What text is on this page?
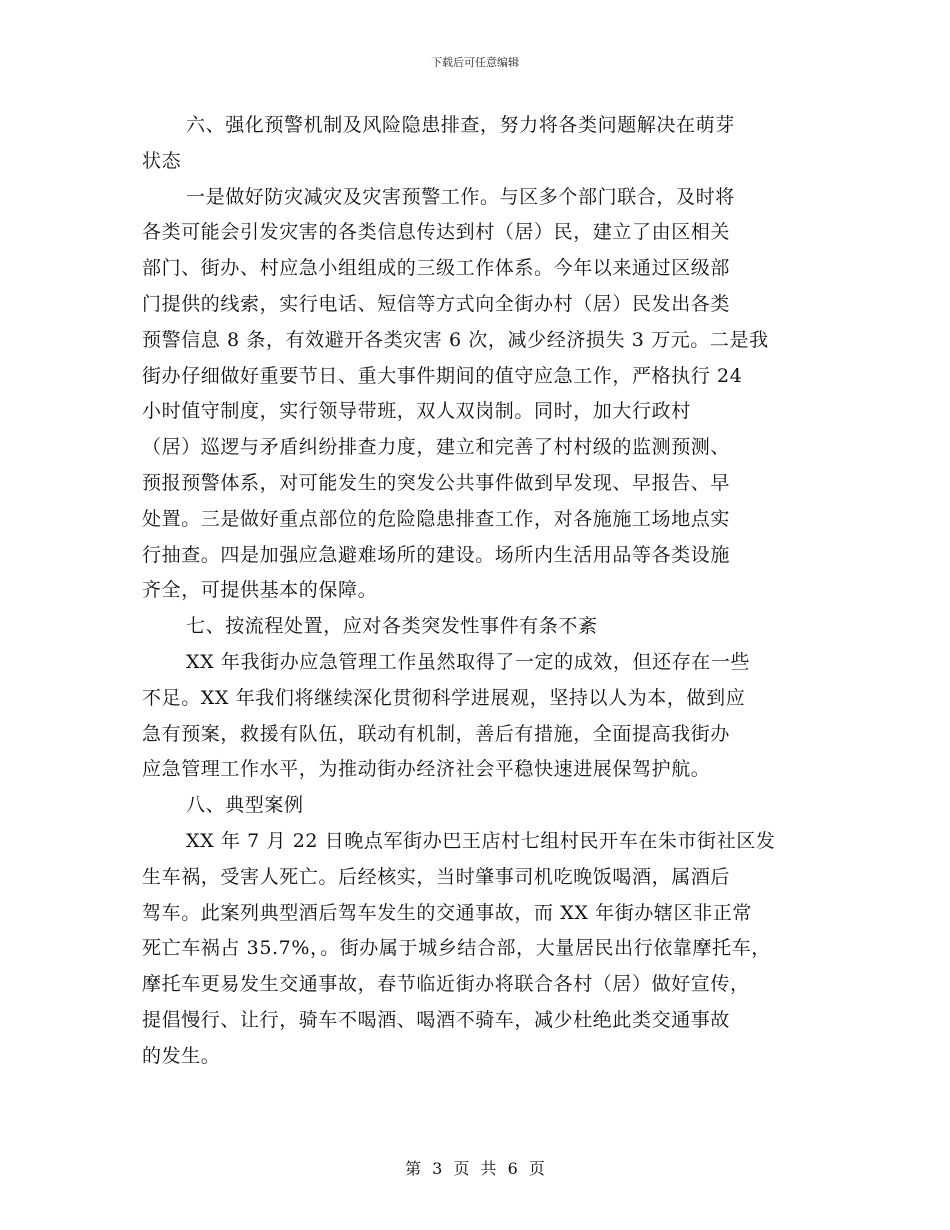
下载后可任意编辑
六、强化预警机制及风险隐患排查，努力将各类问题解决在萌芽
状态
一是做好防灾减灾及灾害预警工作。与区多个部门联合，及时将
各类可能会引发灾害的各类信息传达到村（居）民，建立了由区相关
部门、街办、村应急小组组成的三级工作体系。今年以来通过区级部
门提供的线索，实行电话、短信等方式向全街办村（居）民发出各类
预警信息 8 条，有效避开各类灾害 6 次，减少经济损失 3 万元。二是我
街办仔细做好重要节日、重大事件期间的值守应急工作，严格执行 24
小时值守制度，实行领导带班，双人双岗制。同时，加大行政村
（居）巡逻与矛盾纠纷排查力度，建立和完善了村村级的监测预测、
预报预警体系，对可能发生的突发公共事件做到早发现、早报告、早
处置。三是做好重点部位的危险隐患排查工作，对各施施工场地点实
行抽查。四是加强应急避难场所的建设。场所内生活用品等各类设施
齐全，可提供基本的保障。
七、按流程处置，应对各类突发性事件有条不紊
XX 年我街办应急管理工作虽然取得了一定的成效，但还存在一些
不足。XX 年我们将继续深化贯彻科学进展观，坚持以人为本，做到应
急有预案，救援有队伍，联动有机制，善后有措施，全面提高我街办
应急管理工作水平，为推动街办经济社会平稳快速进展保驾护航。
八、典型案例
XX 年 7 月 22 日晚点军街办巴王店村七组村民开车在朱市街社区发
生车祸，受害人死亡。后经核实，当时肇事司机吃晚饭喝酒，属酒后
驾车。此案列典型酒后驾车发生的交通事故，而 XX 年街办辖区非正常
死亡车祸占 35.7%，。街办属于城乡结合部，大量居民出行依靠摩托车，
摩托车更易发生交通事故，春节临近街办将联合各村（居）做好宣传，
提倡慢行、让行，骑车不喝酒、喝酒不骑车，减少杜绝此类交通事故
的发生。
第 3 页 共 6 页
